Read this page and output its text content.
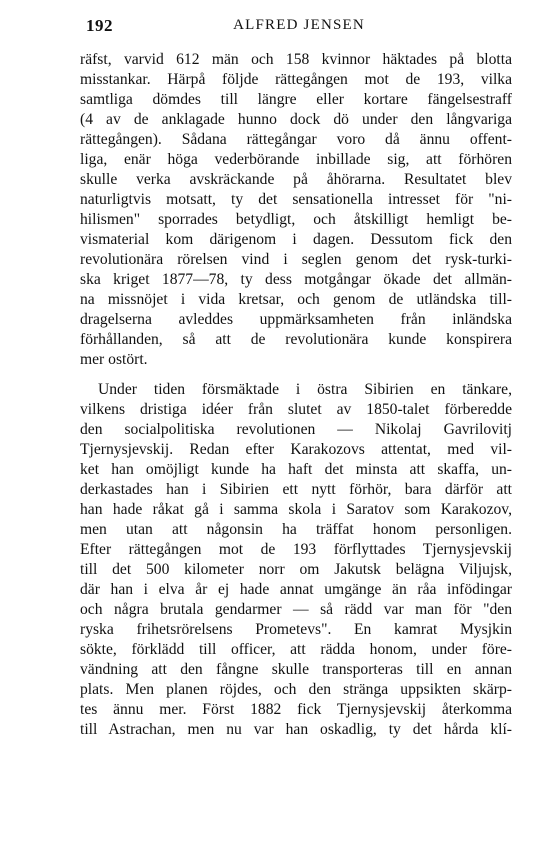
192	ALFRED JENSEN
räfst, varvid 612 män och 158 kvinnor häktades på blotta
misstankar. Härpå följde rättegången mot de 193, vilka
samtliga dömdes till längre eller kortare fängelsestraff
(4 av de anklagade hunno dock dö under den långvariga
rättegången). Sådana rättegångar voro då ännu offent-
liga, enär höga vederbörande inbillade sig, att förhören
skulle verka avskräckande på åhörarna. Resultatet blev
naturligtvis motsatt, ty det sensationella intresset för "ni-
hilismen" sporrades betydligt, och åtskilligt hemligt be-
vismaterial kom därigenom i dagen. Dessutom fick den
revolutionära rörelsen vind i seglen genom det rysk-turki-
ska kriget 1877—78, ty dess motgångar ökade det allmän-
na missnöjet i vida kretsar, och genom de utländska till-
dragelserna avleddes uppmärksamheten från inländska
förhållanden, så att de revolutionära kunde konspirera
mer ostört.
Under tiden försmäktade i östra Sibirien en tänkare,
vilkens dristiga idéer från slutet av 1850-talet förberedde
den socialpolitiska revolutionen — Nikolaj Gavrilovitj
Tjernysjevskij. Redan efter Karakozovs attentat, med vil-
ket han omöjligt kunde ha haft det minsta att skaffa, un-
derkastades han i Sibirien ett nytt förhör, bara därför att
han hade råkat gå i samma skola i Saratov som Karakozov,
men utan att någonsin ha träffat honom personligen.
Efter rättegången mot de 193 förflyttades Tjernysjevskij
till det 500 kilometer norr om Jakutsk belägna Viljujsk,
där han i elva år ej hade annat umgänge än råa infödingar
och några brutala gendarmer — så rädd var man för "den
ryska frihetsrörelsens Prometevs". En kamrat Mysjkin
sökte, förklädd till officer, att rädda honom, under före-
vändning att den fångne skulle transporteras till en annan
plats. Men planen röjdes, och den stränga uppsikten skärp-
tes ännu mer. Först 1882 fick Tjernysjevskij återkomma
till Astrachan, men nu var han oskadlig, ty det hårda klí-
